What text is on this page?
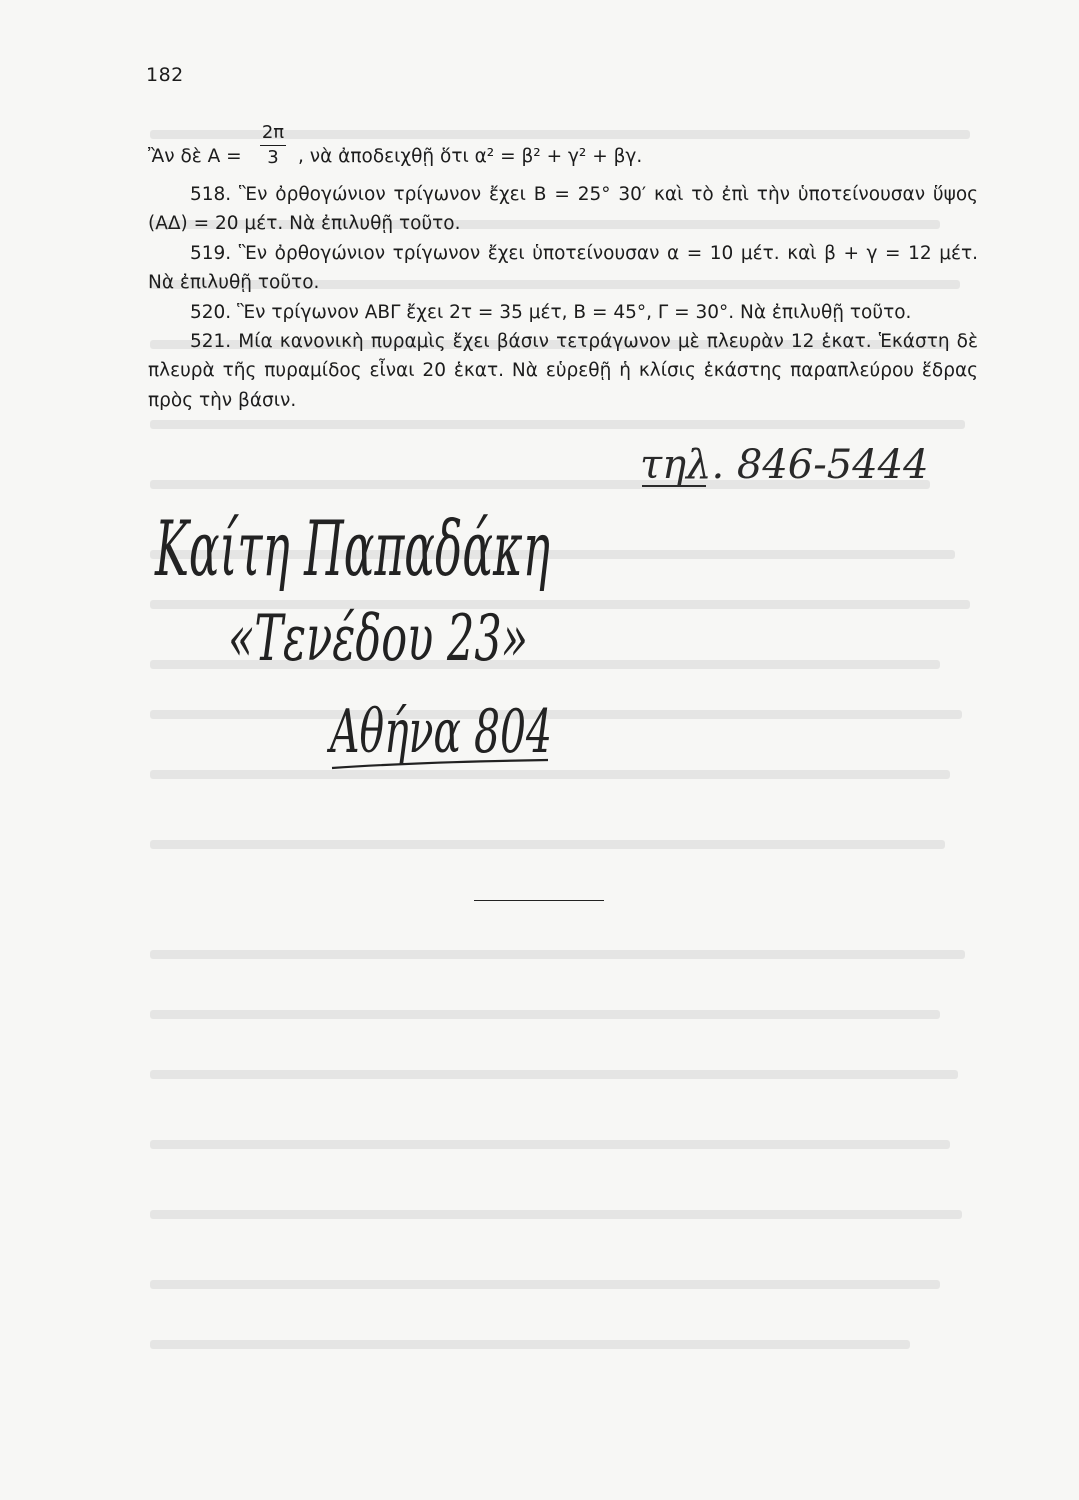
182
Ἂν δὲ A =
2π
3 , νὰ ἀποδειχθῇ ὅτι α² = β² + γ² + βγ.

518. Ἓν ὀρθογώνιον τρίγωνον ἔχει Β = 25° 30′ καὶ τὸ ἐπὶ τὴν ὑποτείνουσαν ὕψος (ΑΔ) = 20 μέτ. Νὰ ἐπιλυθῇ τοῦτο.

519. Ἓν ὀρθογώνιον τρίγωνον ἔχει ὑποτείνουσαν α = 10 μέτ. καὶ β + γ = 12 μέτ. Νὰ ἐπιλυθῇ τοῦτο.

520. Ἓν τρίγωνον ΑΒΓ ἔχει 2τ = 35 μέτ, Β = 45°, Γ = 30°. Νὰ ἐπιλυθῇ τοῦτο.

521. Μία κανονικὴ πυραμὶς ἔχει βάσιν τετράγωνον μὲ πλευρὰν 12 ἑκατ. Ἑκάστη δὲ πλευρὰ τῆς πυραμίδος εἶναι 20 ἑκατ. Νὰ εὑρεθῇ ἡ κλίσις ἑκάστης παραπλεύρου ἕδρας πρὸς τὴν βάσιν.

τηλ. 846-5444
Καίτη Παπαδάκη
«Τενέδου 23»
Αθήνα 804
